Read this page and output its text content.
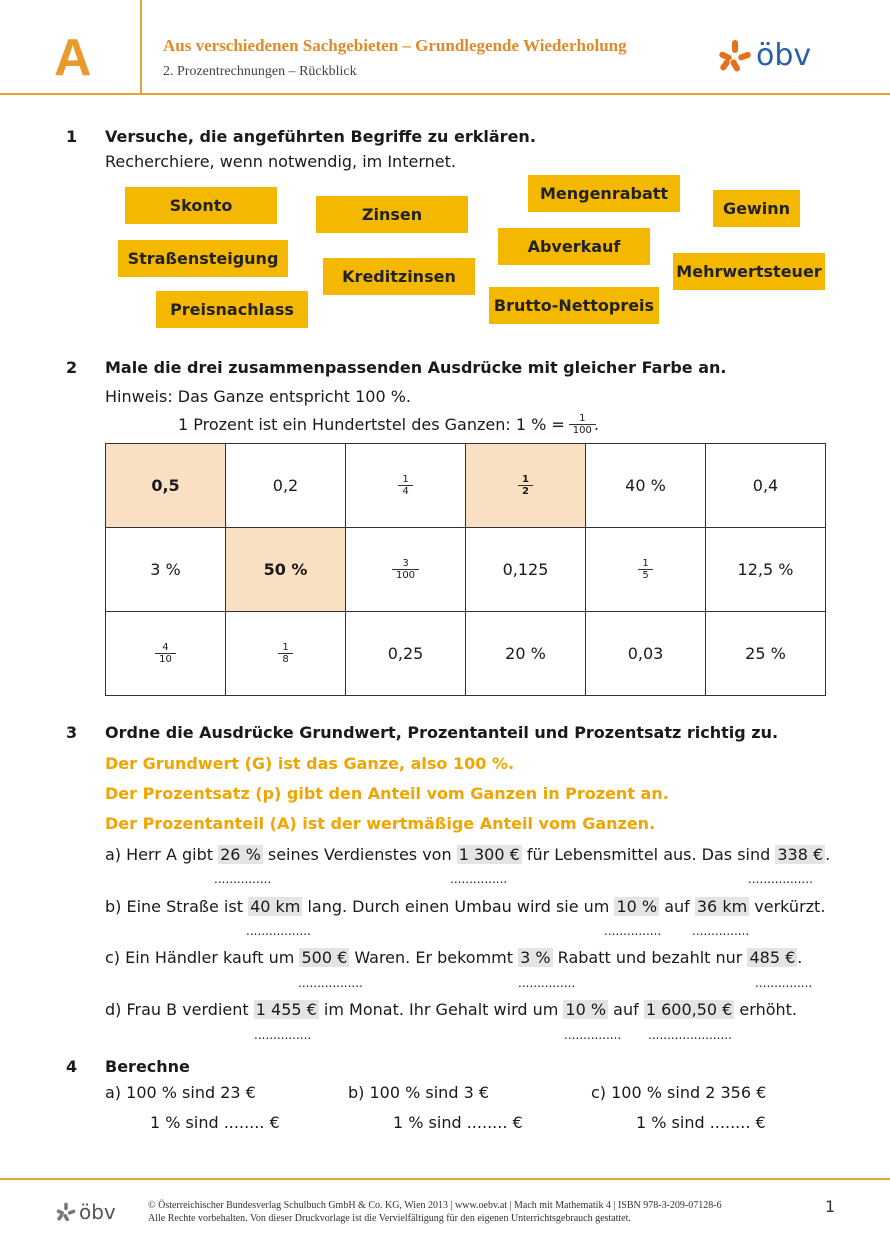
A	Aus verschiedenen Sachgebieten – Grundlegende Wiederholung
2. Prozentrechnungen – Rückblick	öbv
1 Versuche, die angeführten Begriffe zu erklären.
Recherchiere, wenn notwendig, im Internet.
Skonto	Zinsen
Mengenrabatt
Gewinn
Straßensteigung
Abverkauf
Kreditzinsen	Mehrwertsteuer
Preisnachlass	Brutto-Nettopreis
2 Male die drei zusammenpassenden Ausdrücke mit gleicher Farbe an.
Hinweis: Das Ganze entspricht 100 %.
1 Prozent ist ein Hundertstel des Ganzen: 1 % = $\frac{1}{100}$ .
0,5	0,2	$\frac{1}{4}$	$\frac{1}{2}$	40 %	0,4
3 %	50 %	$\frac{3}{100}$	0,125	$\frac{1}{5}$	12,5 %

$\frac{4}{10}$	$\frac{1}{8}$	0,25	20 %	0,03	25 %
3 Ordne die Ausdrücke Grundwert, Prozentanteil und Prozentsatz richtig zu.
Der Grundwert (G) ist das Ganze, also 100 %.
Der Prozentsatz (p) gibt den Anteil vom Ganzen in Prozent an.
Der Prozentanteil (A) ist der wertmäßige Anteil vom Ganzen.
a) Herr A gibt 26 % seines Verdienstes von 1 300 € für Lebensmittel aus. Das sind 338 € .
...............	...............	.................
b) Eine Straße ist 40 km lang. Durch einen Umbau wird sie um 10 % auf 36 km verkürzt.
.................	...............	...............
c) Ein Händler kauft um 500 € Waren. Er bekommt 3 % Rabatt und bezahlt nur 485 € .
.................	...............	...............
d) Frau B verdient 1 455 € im Monat. Ihr Gehalt wird um 10 % auf 1 600,50 € erhöht.
...............	............... ......................
4 Berechne
a) 100 % sind 23 €	b) 100 % sind 3 €	c) 100 % sind 2 356 €
1 % sind ........ €	1 % sind ........ €	1 % sind ........ €
öbv	© Österreichischer Bundesverlag Schulbuch GmbH & Co. KG, Wien 2013 | www.oebv.at | Mach mit Mathematik 4 | ISBN 978-3-209-07128-6
Alle Rechte vorbehalten. Von dieser Druckvorlage ist die Vervielfältigung für den eigenen Unterrichtsgebrauch gestattet.
1
